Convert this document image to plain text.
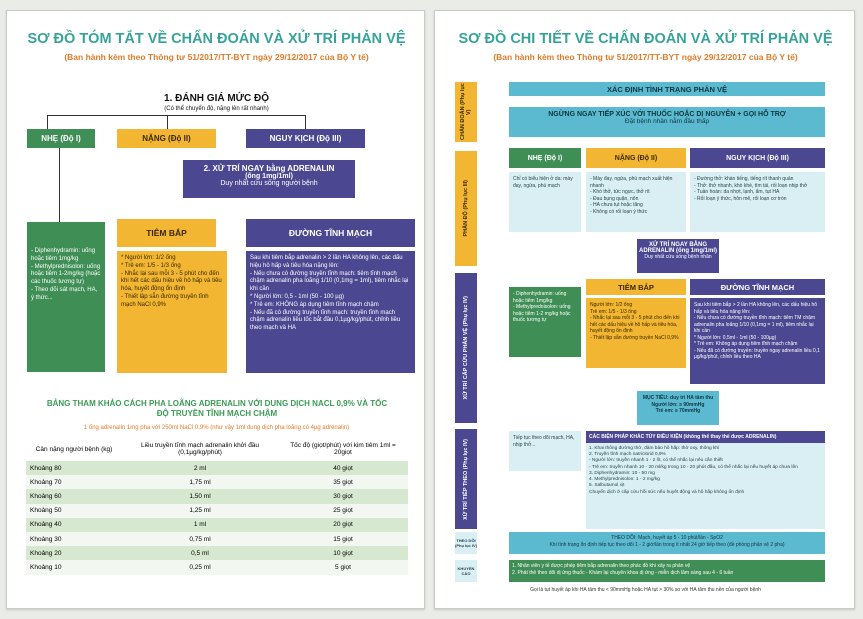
SƠ ĐỒ TÓM TẮT VỀ CHẨN ĐOÁN VÀ XỬ TRÍ PHẢN VỆ
(Ban hành kèm theo Thông tư 51/2017/TT-BYT ngày 29/12/2017 của Bộ Y tế)
1. ĐÁNH GIÁ MỨC ĐỘ
(Có thể chuyển độ, nặng lên rất nhanh)
NHẸ (Độ I)	NẶNG (Độ II)	NGUY KỊCH (Độ III)
2. XỬ TRÍ NGAY bằng ADRENALIN
(ống 1mg/1ml)
Duy nhất cứu sống người bệnh
TIÊM BẮP	ĐƯỜNG TĨNH MẠCH
- Diphenhydramin: uống hoặc tiêm 1mg/kg
- Methylprednisolon: uống hoặc tiêm 1-2mg/kg (hoặc các thuốc tương tự)
- Theo dõi sát mạch, HA, ý thức...
* Người lớn: 1/2 ống
* Trẻ em: 1/5 - 1/3 ống
- Nhắc lại sau mỗi 3 - 5 phút cho đến khi hết các dấu hiệu về hô hấp và tiêu hóa, huyết động ổn định
- Thiết lập sẵn đường truyền tĩnh mạch NaCl 0,9%
Sau khi tiêm bắp adrenalin > 2 lần HA không lên, các dấu hiệu hô hấp và tiêu hóa nặng lên:
- Nếu chưa có đường truyền tĩnh mạch: tiêm tĩnh mạch chậm adrenalin pha loãng 1/10 (0,1mg = 1ml), tiêm nhắc lại khi cần
* Người lớn: 0,5 - 1ml (50 - 100 µg)
* Trẻ em: KHÔNG áp dụng tiêm tĩnh mạch chậm
- Nếu đã có đường truyền tĩnh mạch: truyền tĩnh mạch chậm adrenalin liều tốc bắt đầu 0,1µg/kg/phút, chỉnh liều theo mạch và HA
BẢNG THAM KHẢO CÁCH PHA LOÃNG ADRENALIN VỚI DUNG DỊCH NACL 0,9% VÀ TỐC ĐỘ TRUYỀN TĨNH MẠCH CHẬM
1 ống adrenalin 1mg pha với 250ml NaCl 0,9% (như vậy 1ml dung dịch pha loãng có 4µg adrenalin)
Cân nặng người bệnh (kg)	Liều truyền tĩnh mạch adrenalin khởi đầu (0,1µg/kg/phút)	Tốc độ (giọt/phút) với kim tiêm 1ml = 20giọt
Khoảng 80	2 ml	40 giọt
Khoảng 70	1,75 ml	35 giọt
Khoảng 60	1,50 ml	30 giọt
Khoảng 50	1,25 ml	25 giọt
Khoảng 40	1 ml	20 giọt
Khoảng 30	0,75 ml	15 giọt
Khoảng 20	0,5 ml	10 giọt
Khoảng 10	0,25 ml	5 giọt
SƠ ĐỒ CHI TIẾT VỀ CHẨN ĐOÁN VÀ XỬ TRÍ PHẢN VỆ
(Ban hành kèm theo Thông tư 51/2017/TT-BYT ngày 29/12/2017 của Bộ Y tế)
CHẨN ĐOÁN (Phụ lục V)
PHÂN ĐỘ (Phụ lục III)
XỬ TRÍ CẤP CỨU PHẢN VỆ (Phụ lục IV)
XỬ TRÍ TIẾP THEO (Phụ lục IV)
THEO DÕI (Phụ lục IV)
KHUYẾN CÁO
XÁC ĐỊNH TÌNH TRẠNG PHẢN VỆ
NGỪNG NGAY TIẾP XÚC VỚI THUỐC HOẶC DỊ NGUYÊN + GỌI HỖ TRỢ
Đặt bệnh nhân nằm đầu thấp
NHẸ (Độ I)	NẶNG (Độ II)	NGUY KỊCH (Độ III)
Chỉ có biểu hiện ở da: mày đay, ngứa, phù mạch
- Mày đay, ngứa, phù mạch xuất hiện nhanh
- Khó thở, tức ngực, thở rít
- Đau bụng quặn, nôn
- HA chưa tụt hoặc tăng
- Không có rối loạn ý thức
- Đường thở: khàn tiếng, tiếng rít thanh quản
- Thở: thở nhanh, khò khè, tím tái, rối loạn nhịp thở
- Tuần hoàn: da nhợt, lạnh, ẩm, tụt HA
- Rối loạn ý thức, hôn mê, rối loạn cơ tròn
XỬ TRÍ NGAY BẰNG ADRENALIN (ống 1mg/1ml)
Duy nhất cứu sống bệnh nhân
TIÊM BẮP	ĐƯỜNG TĨNH MẠCH
- Diphenhydramin: uống hoặc tiêm 1mg/kg
- Methylprednisolon: uống hoặc tiêm 1-2 mg/kg hoặc thuốc tương tự
Người lớn: 1/2 ống
Trẻ em: 1/5 - 1/3 ống
- Nhắc lại sau mỗi 3 - 5 phút cho đến khi hết các dấu hiệu về hô hấp và tiêu hóa, huyết động ổn định
- Thiết lập sẵn đường truyền NaCl 0,9%
Sau khi tiêm bắp > 2 lần HA không lên, các dấu hiệu hô hấp và tiêu hóa nặng lên:
- Nếu chưa có đường truyền tĩnh mạch: tiêm TM chậm adrenalin pha loãng 1/10 (0,1mg = 1 ml), tiêm nhắc lại khi cần
* Người lớn: 0,5ml - 1ml (50 - 100µg)
* Trẻ em: Không áp dụng tiêm tĩnh mạch chậm
- Nếu đã có đường truyền: truyền ngay adrenalin liều 0,1 µg/kg/phút, chỉnh liều theo HA
MỤC TIÊU: duy trì HA tâm thu
Người lớn: ≥ 90mmHg
Trẻ em: ≥ 70mmHg
Tiếp tục theo dõi mạch, HA, nhịp thở...
CÁC BIỆN PHÁP KHÁC TÙY ĐIỀU KIỆN (không thể thay thế được ADRENALIN)
1. Khai thông đường thở, đảm bảo hô hấp: thở oxy, thông khí
2. Truyền tĩnh mạch natriclorid 0,9%
- Người lớn: truyền nhanh 1 - 2 lít, có thể nhắc lại nếu cần thiết
- Trẻ em: truyền nhanh 10 - 20 ml/kg trong 10 - 20 phút đầu, có thể nhắc lại nếu huyết áp chưa lên
3. Diphenhydramin: 10 - 50 mg
4. Methylprednisolon: 1 - 2 mg/kg
5. Salbutamol xịt
Chuyển dịch ở cấp cứu hồi sức nếu huyết động và hô hấp không ổn định
THEO DÕI: Mạch, huyết áp 5 - 10 phút/lần - SpO2
Khi tình trạng ổn định tiếp tục theo dõi 1 - 2 giờ/lần trong ít nhất 24 giờ tiếp theo (đề phòng phản vệ 2 pha)
1. Nhân viên y tế được phép tiêm bắp adrenalin theo phác đồ khi xảy ra phản vệ
2. Phát thẻ theo dõi dị ứng thuốc - Khám lại chuyên khoa dị ứng - miễn dịch lâm sàng sau 4 - 6 tuần
Gọi là tụt huyết áp khi HA tâm thu < 90mmHg hoặc HA tụt > 30% so với HA tâm thu nền của người bệnh
